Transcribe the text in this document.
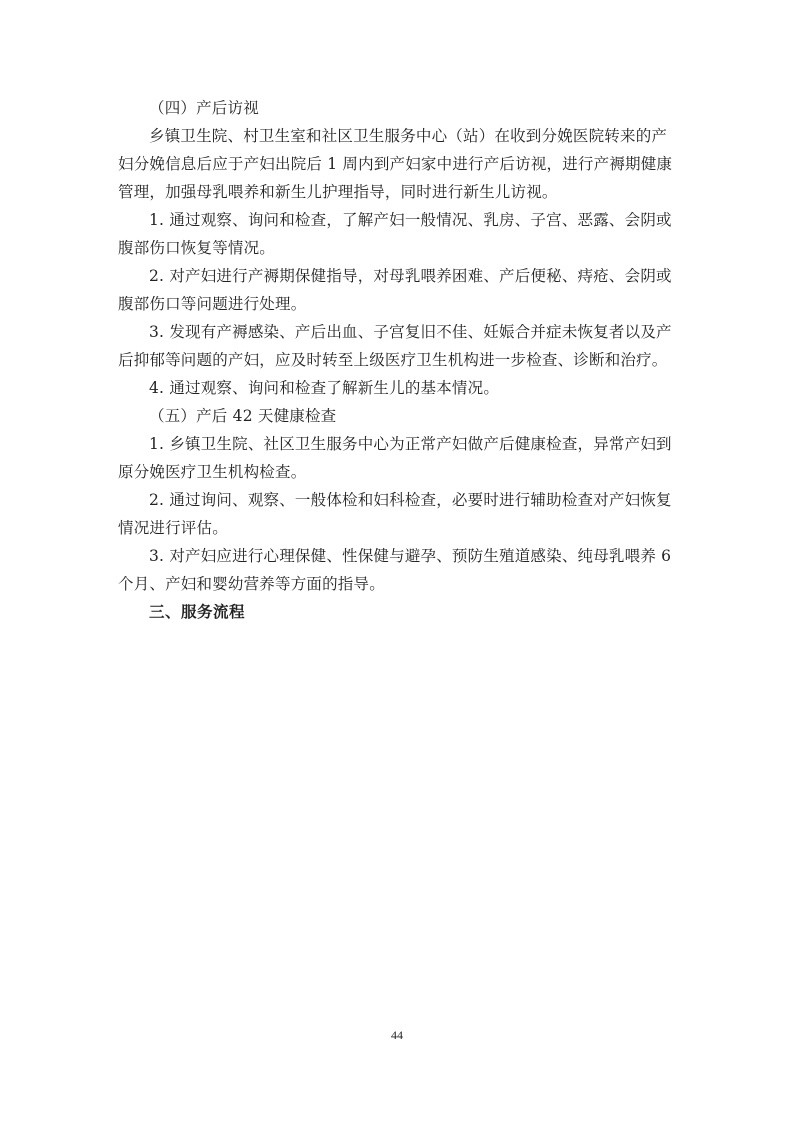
（四）产后访视
乡镇卫生院、村卫生室和社区卫生服务中心（站）在收到分娩医院转来的产
妇分娩信息后应于产妇出院后 1 周内到产妇家中进行产后访视，进行产褥期健康
管理，加强母乳喂养和新生儿护理指导，同时进行新生儿访视。
1. 通过观察、询问和检查，了解产妇一般情况、乳房、子宫、恶露、会阴或
腹部伤口恢复等情况。
2. 对产妇进行产褥期保健指导，对母乳喂养困难、产后便秘、痔疮、会阴或
腹部伤口等问题进行处理。
3. 发现有产褥感染、产后出血、子宫复旧不佳、妊娠合并症未恢复者以及产
后抑郁等问题的产妇，应及时转至上级医疗卫生机构进一步检查、诊断和治疗。
4. 通过观察、询问和检查了解新生儿的基本情况。
（五）产后 42 天健康检查
1. 乡镇卫生院、社区卫生服务中心为正常产妇做产后健康检查，异常产妇到
原分娩医疗卫生机构检查。
2. 通过询问、观察、一般体检和妇科检查，必要时进行辅助检查对产妇恢复
情况进行评估。
3. 对产妇应进行心理保健、性保健与避孕、预防生殖道感染、纯母乳喂养 6
个月、产妇和婴幼营养等方面的指导。
三、服务流程
44
